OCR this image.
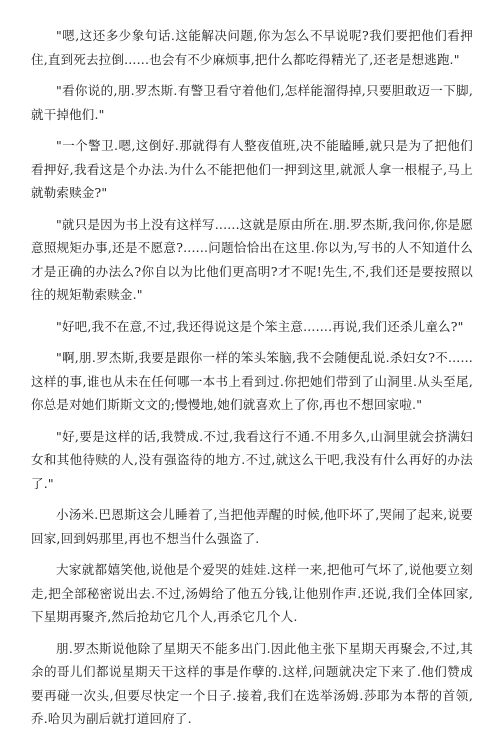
"嗯,这还多少象句话.这能解决问题,你为怎么不早说呢?我们要把他们看押住,直到死去拉倒......也会有不少麻烦事,把什么都吃得精光了,还老是想逃跑."

"看你说的,朋.罗杰斯.有警卫看守着他们,怎样能溜得掉,只要胆敢迈一下脚,就干掉他们."

"一个警卫.嗯,这倒好.那就得有人整夜值班,决不能瞌睡,就只是为了把他们看押好,我看这是个办法.为什么不能把他们一押到这里,就派人拿一根棍子,马上就勒索赎金?"

"就只是因为书上没有这样写......这就是原由所在.朋.罗杰斯,我问你,你是愿意照规矩办事,还是不愿意?......问题恰恰出在这里.你以为,写书的人不知道什么才是正确的办法么?你自以为比他们更高明?才不呢!先生,不,我们还是要按照以往的规矩勒索赎金."

"好吧,我不在意,不过,我还得说这是个笨主意.......再说,我们还杀儿童么?"

"啊,朋.罗杰斯,我要是跟你一样的笨头笨脑,我不会随便乱说.杀妇女?不......这样的事,谁也从未在任何哪一本书上看到过.你把她们带到了山洞里.从头至尾,你总是对她们斯斯文文的;慢慢地,她们就喜欢上了你,再也不想回家啦."

"好,要是这样的话,我赞成.不过,我看这行不通.不用多久,山洞里就会挤满妇女和其他待赎的人,没有强盗待的地方.不过,就这么干吧,我没有什么再好的办法了."

小汤米.巴恩斯这会儿睡着了,当把他弄醒的时候,他吓坏了,哭闹了起来,说要回家,回到妈那里,再也不想当什么强盗了.

大家就都嬉笑他,说他是个爱哭的娃娃.这样一来,把他可气坏了,说他要立刻走,把全部秘密说出去.不过,汤姆给了他五分钱,让他别作声.还说,我们全体回家,下星期再聚齐,然后抢劫它几个人,再杀它几个人.

朋.罗杰斯说他除了星期天不能多出门.因此他主张下星期天再聚会,不过,其余的哥儿们都说星期天干这样的事是作孽的.这样,问题就决定下来了.他们赞成要再碰一次头,但要尽快定一个日子.接着,我们在选举汤姆.莎耶为本帮的首领,乔.哈贝为副后就打道回府了.
